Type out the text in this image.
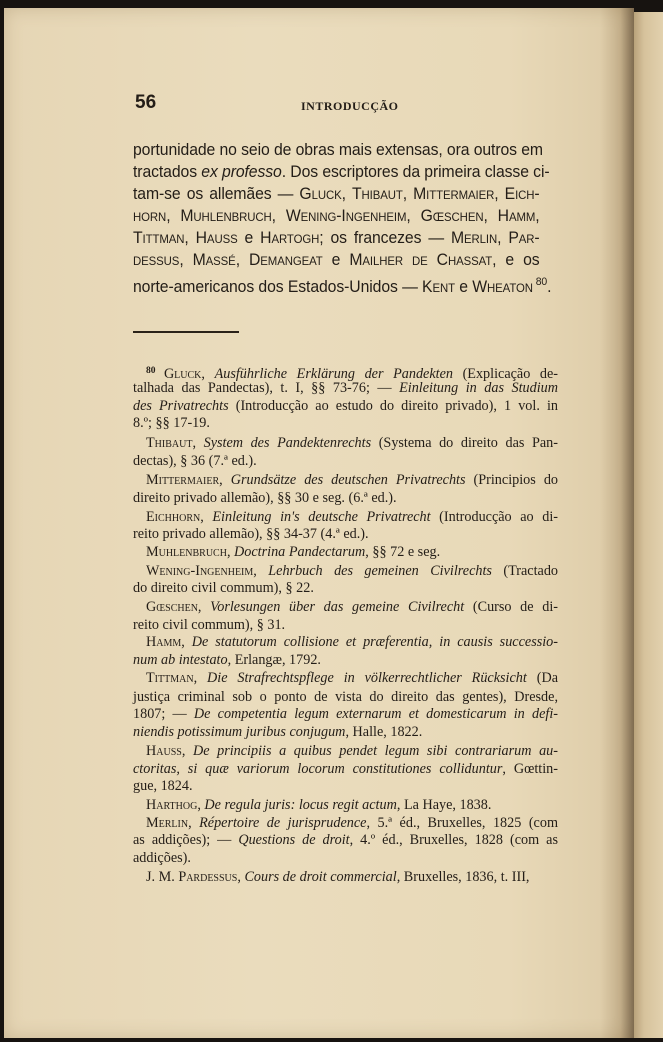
56	INTRODUCÇÃO
portunidade no seio de obras mais extensas, ora outros em
tractados ex professo. Dos escriptores da primeira classe ci-
tam-se os allemães — Gluck, Thibaut, Mittermaier, Eich-
horn, Muhlenbruch, Wening-Ingenheim, Gœschen, Hamm,
Tittman, Hauss e Hartogh; os francezes — Merlin, Par-
dessus, Massé, Demangeat e Mailher de Chassat, e os
norte-americanos dos Estados-Unidos — Kent e Wheaton $^{80}$.
$^{80}$ Gluck, Ausführliche Erklärung der Pandekten (Explicação de-
talhada das Pandectas), t. I, §§ 73-76; — Einleitung in das Studium
des Privatrechts (Introducção ao estudo do direito privado), 1 vol. in
8.º; §§ 17-19.
Thibaut, System des Pandektenrechts (Systema do direito das Pan-
dectas), § 36 (7.ª ed.).
Mittermaier, Grundsätze des deutschen Privatrechts (Principios do
direito privado allemão), §§ 30 e seg. (6.ª ed.).
Eichhorn, Einleitung in's deutsche Privatrecht (Introducção ao di-
reito privado allemão), §§ 34-37 (4.ª ed.).
Muhlenbruch, Doctrina Pandectarum, §§ 72 e seg.
Wening-Ingenheim, Lehrbuch des gemeinen Civilrechts (Tractado
do direito civil commum), § 22.
Gœschen, Vorlesungen über das gemeine Civilrecht (Curso de di-
reito civil commum), § 31.
Hamm, De statutorum collisione et præferentia, in causis successio-
num ab intestato, Erlangæ, 1792.
Tittman, Die Strafrechtspflege in völkerrechtlicher Rücksicht (Da
justiça criminal sob o ponto de vista do direito das gentes), Dresde,
1807; — De competentia legum externarum et domesticarum in defi-
niendis potissimum juribus conjugum, Halle, 1822.
Hauss, De principiis a quibus pendet legum sibi contrariarum au-
ctoritas, si quæ variorum locorum constitutiones colliduntur, Gœttin-
gue, 1824.
Harthog, De regula juris: locus regit actum, La Haye, 1838.
Merlin, Répertoire de jurisprudence, 5.ª éd., Bruxelles, 1825 (com
as addições); — Questions de droit, 4.º éd., Bruxelles, 1828 (com as
addições).
J. M. Pardessus, Cours de droit commercial, Bruxelles, 1836, t. III,
